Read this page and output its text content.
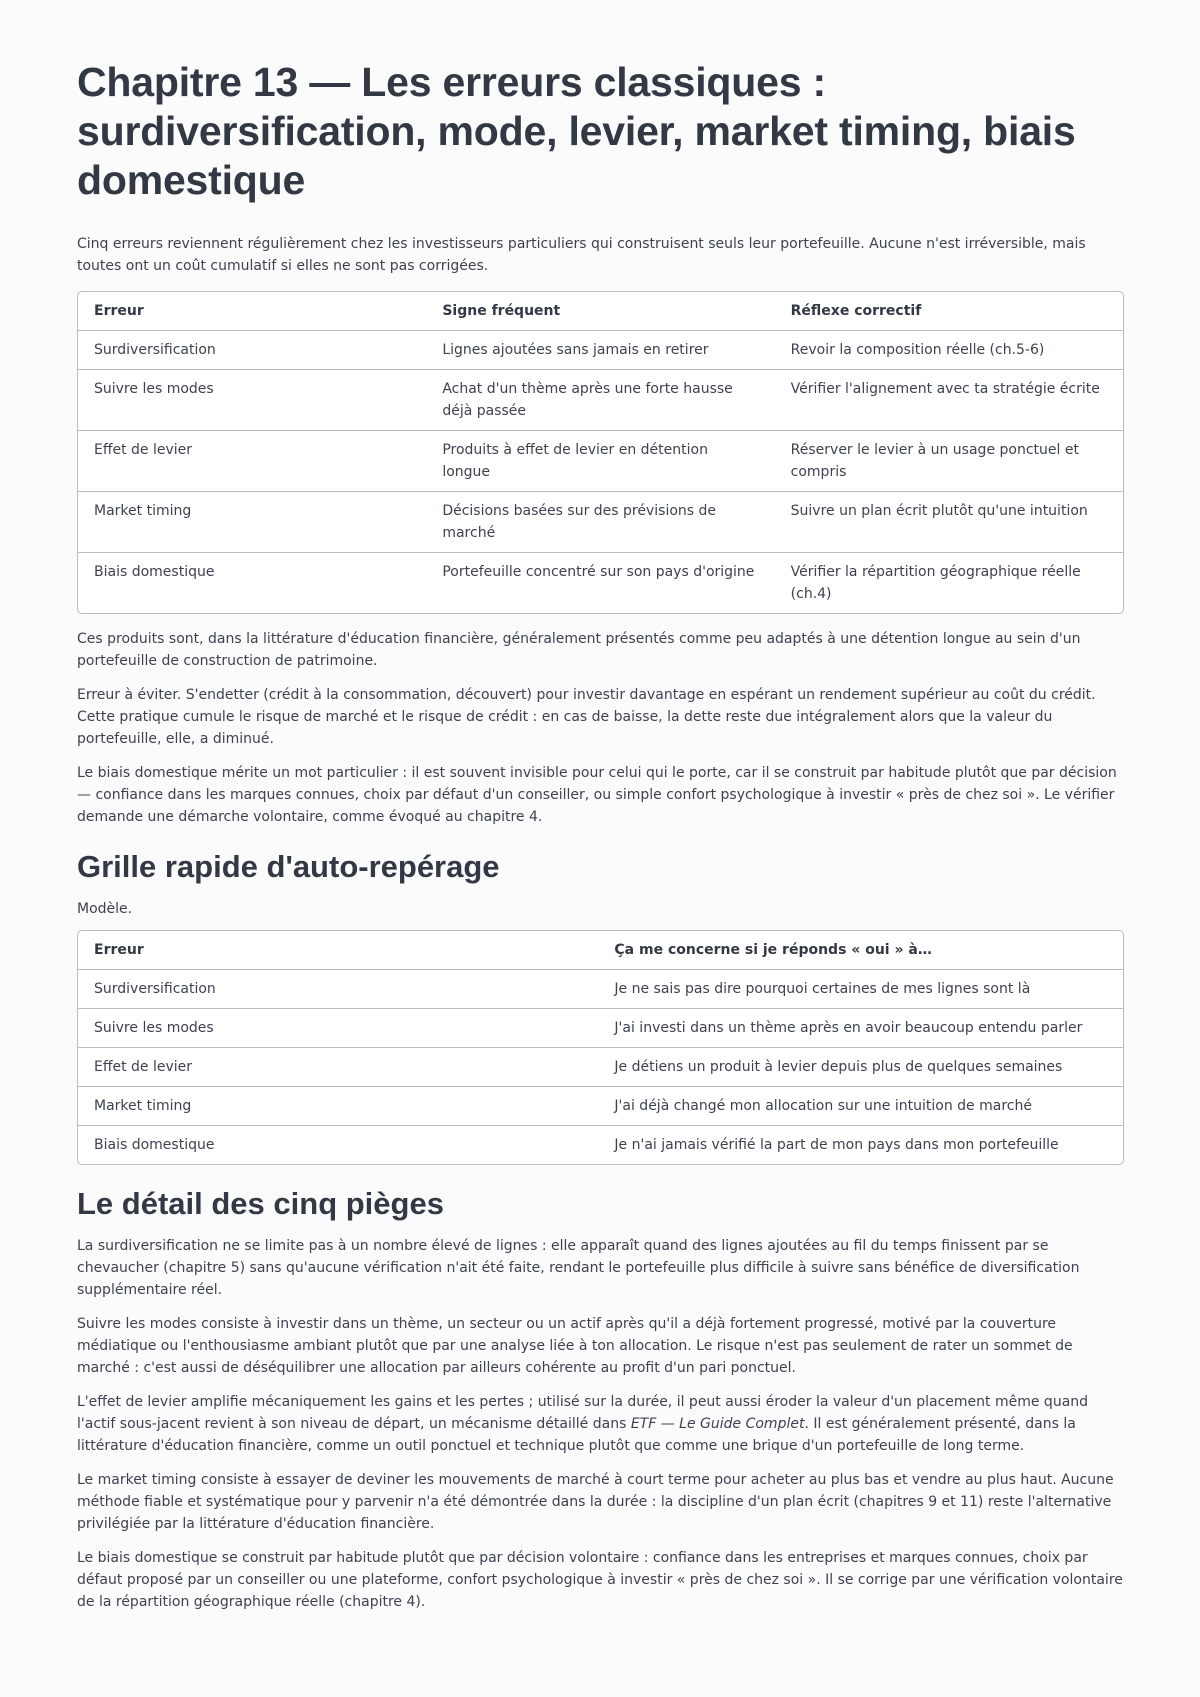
Chapitre 13 — Les erreurs classiques : surdiversification, mode, levier, market timing, biais domestique

Cinq erreurs reviennent régulièrement chez les investisseurs particuliers qui construisent seuls leur portefeuille. Aucune n'est irréversible, mais toutes ont un coût cumulatif si elles ne sont pas corrigées.

Erreur	Signe fréquent	Réflexe correctif
Surdiversification	Lignes ajoutées sans jamais en retirer	Revoir la composition réelle (ch.5-6)
Suivre les modes	Achat d'un thème après une forte hausse déjà passée	Vérifier l'alignement avec ta stratégie écrite
Effet de levier	Produits à effet de levier en détention longue	Réserver le levier à un usage ponctuel et compris
Market timing	Décisions basées sur des prévisions de marché	Suivre un plan écrit plutôt qu'une intuition
Biais domestique	Portefeuille concentré sur son pays d'origine	Vérifier la répartition géographique réelle (ch.4)

Ces produits sont, dans la littérature d'éducation financière, généralement présentés comme peu adaptés à une détention longue au sein d'un portefeuille de construction de patrimoine.

Erreur à éviter. S'endetter (crédit à la consommation, découvert) pour investir davantage en espérant un rendement supérieur au coût du crédit. Cette pratique cumule le risque de marché et le risque de crédit : en cas de baisse, la dette reste due intégralement alors que la valeur du portefeuille, elle, a diminué.

Le biais domestique mérite un mot particulier : il est souvent invisible pour celui qui le porte, car il se construit par habitude plutôt que par décision — confiance dans les marques connues, choix par défaut d'un conseiller, ou simple confort psychologique à investir « près de chez soi ». Le vérifier demande une démarche volontaire, comme évoqué au chapitre 4.

Grille rapide d'auto-repérage

Modèle.

Erreur	Ça me concerne si je réponds « oui » à…
Surdiversification	Je ne sais pas dire pourquoi certaines de mes lignes sont là
Suivre les modes	J'ai investi dans un thème après en avoir beaucoup entendu parler
Effet de levier	Je détiens un produit à levier depuis plus de quelques semaines
Market timing	J'ai déjà changé mon allocation sur une intuition de marché
Biais domestique	Je n'ai jamais vérifié la part de mon pays dans mon portefeuille
Le détail des cinq pièges

La surdiversification ne se limite pas à un nombre élevé de lignes : elle apparaît quand des lignes ajoutées au fil du temps finissent par se chevaucher (chapitre 5) sans qu'aucune vérification n'ait été faite, rendant le portefeuille plus difficile à suivre sans bénéfice de diversification supplémentaire réel.

Suivre les modes consiste à investir dans un thème, un secteur ou un actif après qu'il a déjà fortement progressé, motivé par la couverture médiatique ou l'enthousiasme ambiant plutôt que par une analyse liée à ton allocation. Le risque n'est pas seulement de rater un sommet de marché : c'est aussi de déséquilibrer une allocation par ailleurs cohérente au profit d'un pari ponctuel.

L'effet de levier amplifie mécaniquement les gains et les pertes ; utilisé sur la durée, il peut aussi éroder la valeur d'un placement même quand l'actif sous-jacent revient à son niveau de départ, un mécanisme détaillé dans ETF — Le Guide Complet. Il est généralement présenté, dans la littérature d'éducation financière, comme un outil ponctuel et technique plutôt que comme une brique d'un portefeuille de long terme.

Le market timing consiste à essayer de deviner les mouvements de marché à court terme pour acheter au plus bas et vendre au plus haut. Aucune méthode fiable et systématique pour y parvenir n'a été démontrée dans la durée : la discipline d'un plan écrit (chapitres 9 et 11) reste l'alternative privilégiée par la littérature d'éducation financière.

Le biais domestique se construit par habitude plutôt que par décision volontaire : confiance dans les entreprises et marques connues, choix par défaut proposé par un conseiller ou une plateforme, confort psychologique à investir « près de chez soi ». Il se corrige par une vérification volontaire de la répartition géographique réelle (chapitre 4).
